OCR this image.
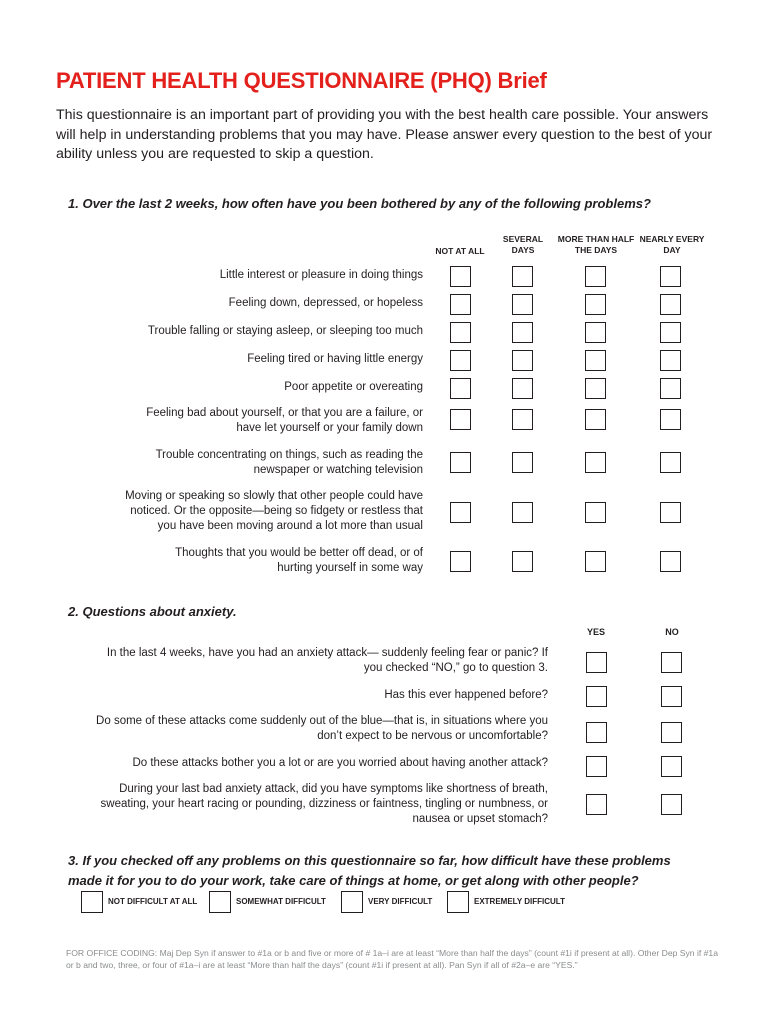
PATIENT HEALTH QUESTIONNAIRE (PHQ) Brief
This questionnaire is an important part of providing you with the best health care possible. Your answers will help in understanding problems that you may have. Please answer every question to the best of your ability unless you are requested to skip a question.
1. Over the last 2 weeks, how often have you been bothered by any of the following problems?
NOT AT ALL
SEVERAL DAYS
MORE THAN HALF THE DAYS
NEARLY EVERY DAY
Little interest or pleasure in doing things
Feeling down, depressed, or hopeless
Trouble falling or staying asleep, or sleeping too much
Feeling tired or having little energy
Poor appetite or overeating
Feeling bad about yourself, or that you are a failure, or have let yourself or your family down
Trouble concentrating on things, such as reading the newspaper or watching television
Moving or speaking so slowly that other people could have noticed. Or the opposite—being so fidgety or restless that you have been moving around a lot more than usual
Thoughts that you would be better off dead, or of hurting yourself in some way
2. Questions about anxiety.
YES	NO
In the last 4 weeks, have you had an anxiety attack— suddenly feeling fear or panic? If you checked “NO,” go to question 3.
Has this ever happened before?
Do some of these attacks come suddenly out of the blue—that is, in situations where you don’t expect to be nervous or uncomfortable?
Do these attacks bother you a lot or are you worried about having another attack?
During your last bad anxiety attack, did you have symptoms like shortness of breath, sweating, your heart racing or pounding, dizziness or faintness, tingling or numbness, or nausea or upset stomach?
3. If you checked off any problems on this questionnaire so far, how difficult have these problems made it for you to do your work, take care of things at home, or get along with other people?
NOT DIFFICULT AT ALL	SOMEWHAT DIFFICULT	VERY DIFFICULT	EXTREMELY DIFFICULT
FOR OFFICE CODING: Maj Dep Syn if answer to #1a or b and five or more of # 1a–i are at least “More than half the days” (count #1i if present at all). Other Dep Syn if #1a or b and two, three, or four of #1a–i are at least “More than half the days” (count #1i if present at all). Pan Syn if all of #2a–e are “YES.”
